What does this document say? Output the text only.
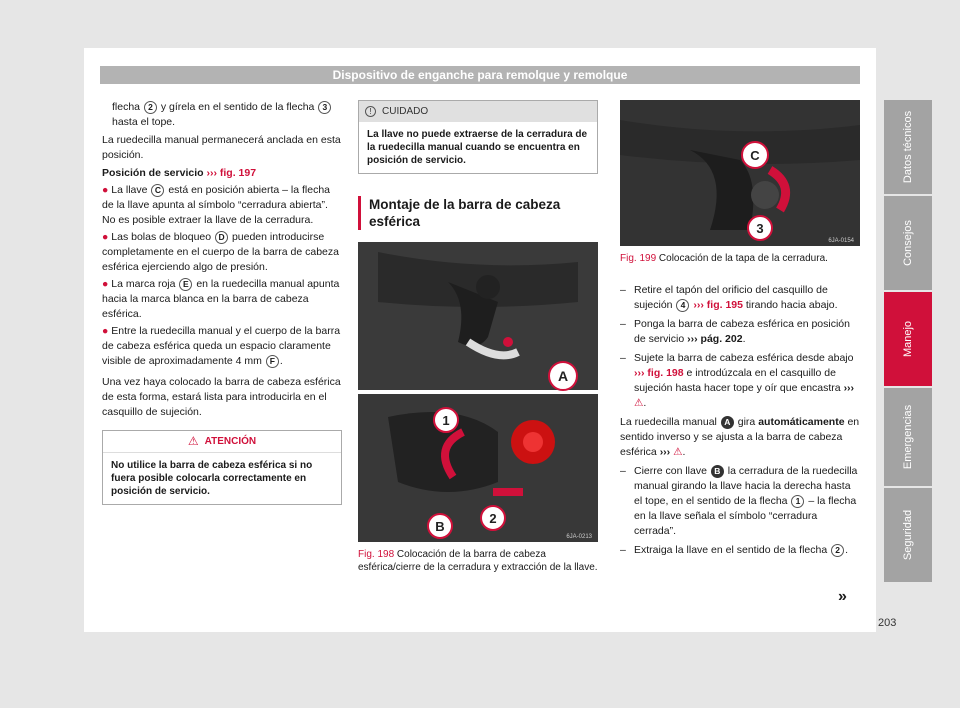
Dispositivo de enganche para remolque y remolque

flecha 2 y gírela en el sentido de la flecha 3 hasta el tope.

La ruedecilla manual permanecerá anclada en esta posición.

Posición de servicio ››› fig. 197

● La llave C está en posición abierta – la flecha de la llave apunta al símbolo “cerradura abierta”. No es posible extraer la llave de la cerradura.

● Las bolas de bloqueo D pueden introducirse completamente en el cuerpo de la barra de cabeza esférica ejerciendo algo de presión.

● La marca roja E en la ruedecilla manual apunta hacia la marca blanca en la barra de cabeza esférica.

● Entre la ruedecilla manual y el cuerpo de la barra de cabeza esférica queda un espacio claramente visible de aproximadamente 4 mm F .

Una vez haya colocado la barra de cabeza esférica de esta forma, estará lista para introducirla en el casquillo de sujeción.

⚠ ATENCIÓN
No utilice la barra de cabeza esférica si no fuera posible colocarla correctamente en posición de servicio.
!	CUIDADO
La llave no puede extraerse de la cerradura de la ruedecilla manual cuando se encuentra en posición de servicio.
Montaje de la barra de cabeza esférica
A
1
2
B
6JA-0213

Fig. 198 Colocación de la barra de cabeza esférica/cierre de la cerradura y extracción de la llave.

C
3
6JA-0154

Fig. 199 Colocación de la tapa de la cerradura.

– Retire el tapón del orificio del casquillo de sujeción 4 ››› fig. 195 tirando hacia abajo.
– Ponga la barra de cabeza esférica en posición de servicio ››› pág. 202.
– Sujete la barra de cabeza esférica desde abajo ››› fig. 198 e introdúzcala en el casquillo de sujeción hasta hacer tope y oír que encastra ››› ⚠.

La ruedecilla manual A gira automáticamente en sentido inverso y se ajusta a la barra de cabeza esférica ››› ⚠.

– Cierre con llave B la cerradura de la ruedecilla manual girando la llave hacia la derecha hasta el tope, en el sentido de la flecha 1 – la flecha en la llave señala el símbolo “cerradura cerrada”.
– Extraiga la llave en el sentido de la flecha 2 .
»
Datos técnicos
Consejos
Manejo
Emergencias
Seguridad
203
